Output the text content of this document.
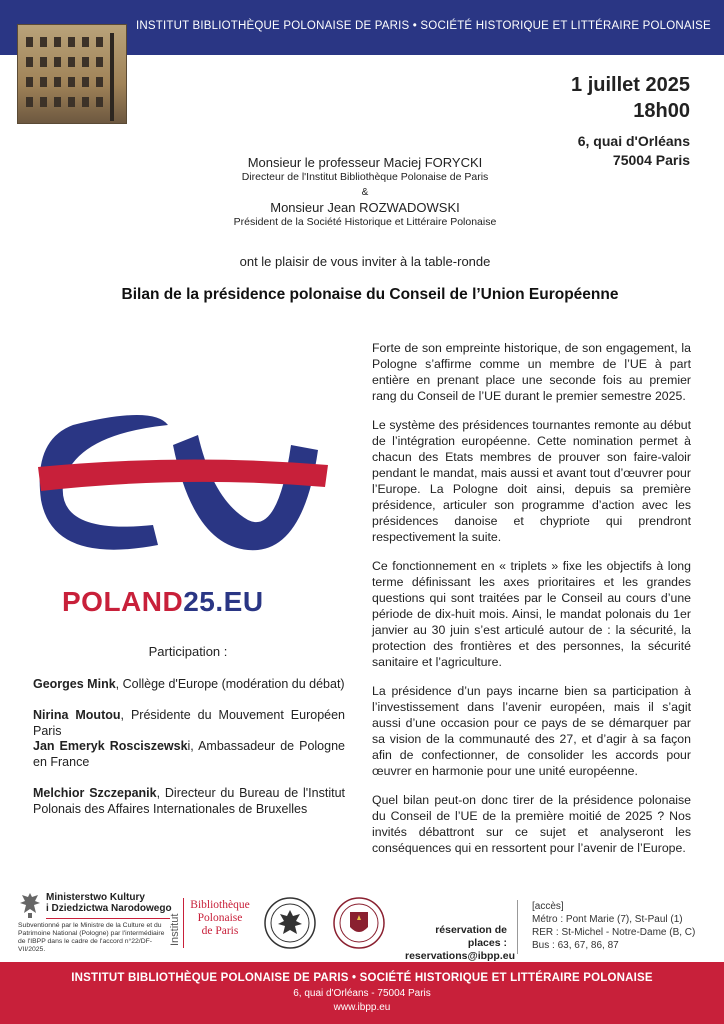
INSTITUT BIBLIOTHÈQUE POLONAISE DE PARIS • SOCIÉTÉ HISTORIQUE ET LITTÉRAIRE POLONAISE
1 juillet 2025
18h00
6, quai d'Orléans
75004 Paris
Monsieur le professeur Maciej FORYCKI
Directeur de l'Institut Bibliothèque Polonaise de Paris
&
Monsieur Jean ROZWADOWSKI
Président de la Société Historique et Littéraire Polonaise
ont le plaisir de vous inviter à la table-ronde
Bilan de la présidence polonaise du Conseil de l’Union Européenne
POLAND25.EU
Participation :
Georges Mink, Collège d'Europe (modération du débat)
Nirina Moutou, Présidente du Mouvement Européen Paris
Jan Emeryk Rosciszewski, Ambassadeur de Pologne en France
Melchior Szczepanik, Directeur du Bureau de l'Institut Polonais des Affaires Internationales de Bruxelles

Forte de son empreinte historique, de son engagement, la Pologne s’affirme comme un membre de l’UE à part entière en prenant place une seconde fois au premier rang du Conseil de l’UE durant le premier semestre 2025.

Le système des présidences tournantes remonte au début de l’intégration européenne. Cette nomination permet à chacun des Etats membres de prouver son faire-valoir pendant le mandat, mais aussi et avant tout d’œuvrer pour l’Europe. La Pologne doit ainsi, depuis sa première présidence, articuler son programme d’action avec les présidences danoise et chypriote qui prendront respectivement la suite.

Ce fonctionnement en « triplets » fixe les objectifs à long terme définissant les axes prioritaires et les grandes questions qui sont traitées par le Conseil au cours d’une période de dix-huit mois. Ainsi, le mandat polonais du 1er janvier au 30 juin s’est articulé autour de : la sécurité, la protection des frontières et des personnes, la sécurité sanitaire et l’agriculture.

La présidence d’un pays incarne bien sa participation à l’investissement dans l’avenir européen, mais il s’agit aussi d’une occasion pour ce pays de se démarquer par sa vision de la communauté des 27, et d’agir à sa façon afin de confectionner, de consolider les accords pour œuvrer en harmonie pour une unité européenne.

Quel bilan peut-on donc tirer de la présidence polonaise du Conseil de l’UE de la première moitié de 2025 ? Nos invités débattront sur ce sujet et analyseront les conséquences qui en ressortent pour l’avenir de l’Europe.

Ministerstwo Kultury
i Dziedzictwa Narodowego
Subventionné par le Ministre de la Culture et du Patrimoine National (Pologne) par l'intermédiaire de l'IBPP dans le cadre de l'accord n°22/DF-VII/2025.
Institut
Bibliothèque
Polonaise
de Paris	réservation de places :
reservations@ibpp.eu
[accès]
Métro : Pont Marie (7), St-Paul (1)
RER : St-Michel - Notre-Dame (B, C)
Bus : 63, 67, 86, 87
INSTITUT BIBLIOTHÈQUE POLONAISE DE PARIS • SOCIÉTÉ HISTORIQUE ET LITTÉRAIRE POLONAISE
6, quai d'Orléans - 75004 Paris
www.ibpp.eu
